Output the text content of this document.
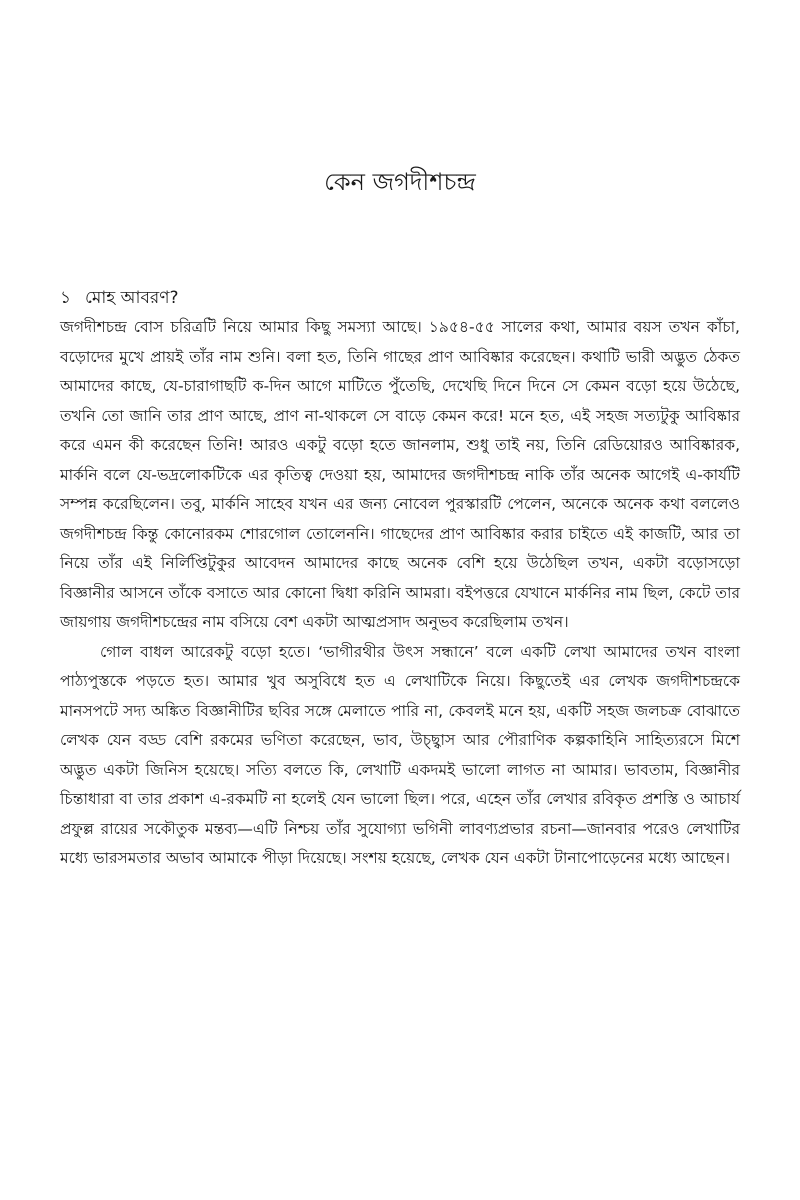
কেন জগদীশচন্দ্র
১ মোহ আবরণ?

জগদীশচন্দ্র বোস চরিত্রটি নিয়ে আমার কিছু সমস্যা আছে। ১৯৫৪-৫৫ সালের কথা, আমার বয়স তখন কাঁচা, বড়োদের মুখে প্রায়ই তাঁর নাম শুনি। বলা হত, তিনি গাছের প্রাণ আবিষ্কার করেছেন। কথাটি ভারী অদ্ভুত ঠেকত আমাদের কাছে, যে-চারাগাছটি ক-দিন আগে মাটিতে পুঁতেছি, দেখেছি দিনে দিনে সে কেমন বড়ো হয়ে উঠেছে, তখনি তো জানি তার প্রাণ আছে, প্রাণ না-থাকলে সে বাড়ে কেমন করে! মনে হত, এই সহজ সত্যটুকু আবিষ্কার করে এমন কী করেছেন তিনি! আরও একটু বড়ো হতে জানলাম, শুধু তাই নয়, তিনি রেডিয়োরও আবিষ্কারক, মার্কনি বলে যে-ভদ্রলোকটিকে এর কৃতিত্ব দেওয়া হয়, আমাদের জগদীশচন্দ্র নাকি তাঁর অনেক আগেই এ-কার্যটি সম্পন্ন করেছিলেন। তবু, মার্কনি সাহেব যখন এর জন্য নোবেল পুরস্কারটি পেলেন, অনেকে অনেক কথা বললেও জগদীশচন্দ্র কিন্তু কোনোরকম শোরগোল তোলেননি। গাছেদের প্রাণ আবিষ্কার করার চাইতে এই কাজটি, আর তা নিয়ে তাঁর এই নির্লিপ্তিটুকুর আবেদন আমাদের কাছে অনেক বেশি হয়ে উঠেছিল তখন, একটা বড়োসড়ো বিজ্ঞানীর আসনে তাঁকে বসাতে আর কোনো দ্বিধা করিনি আমরা। বইপত্তরে যেখানে মার্কনির নাম ছিল, কেটে তার জায়গায় জগদীশচন্দ্রের নাম বসিয়ে বেশ একটা আত্মপ্রসাদ অনুভব করেছিলাম তখন।

গোল বাধল আরেকটু বড়ো হতে। ‘ভাগীরথীর উৎস সন্ধানে’ বলে একটি লেখা আমাদের তখন বাংলা পাঠ্যপুস্তকে পড়তে হত। আমার খুব অসুবিধে হত এ লেখাটিকে নিয়ে। কিছুতেই এর লেখক জগদীশচন্দ্রকে মানসপটে সদ্য অঙ্কিত বিজ্ঞানীটির ছবির সঙ্গে মেলাতে পারি না, কেবলই মনে হয়, একটি সহজ জলচক্র বোঝাতে লেখক যেন বড্ড বেশি রকমের ভণিতা করেছেন, ভাব, উচ্ছ্বাস আর পৌরাণিক কল্পকাহিনি সাহিত্যরসে মিশে অদ্ভুত একটা জিনিস হয়েছে। সত্যি বলতে কি, লেখাটি একদমই ভালো লাগত না আমার। ভাবতাম, বিজ্ঞানীর চিন্তাধারা বা তার প্রকাশ এ-রকমটি না হলেই যেন ভালো ছিল। পরে, এহেন তাঁর লেখার রবিকৃত প্রশস্তি ও আচার্য প্রফুল্ল রায়ের সকৌতুক মন্তব্য—এটি নিশ্চয় তাঁর সুযোগ্যা ভগিনী লাবণ্যপ্রভার রচনা—জানবার পরেও লেখাটির মধ্যে ভারসমতার অভাব আমাকে পীড়া দিয়েছে। সংশয় হয়েছে, লেখক যেন একটা টানাপোড়েনের মধ্যে আছেন।
